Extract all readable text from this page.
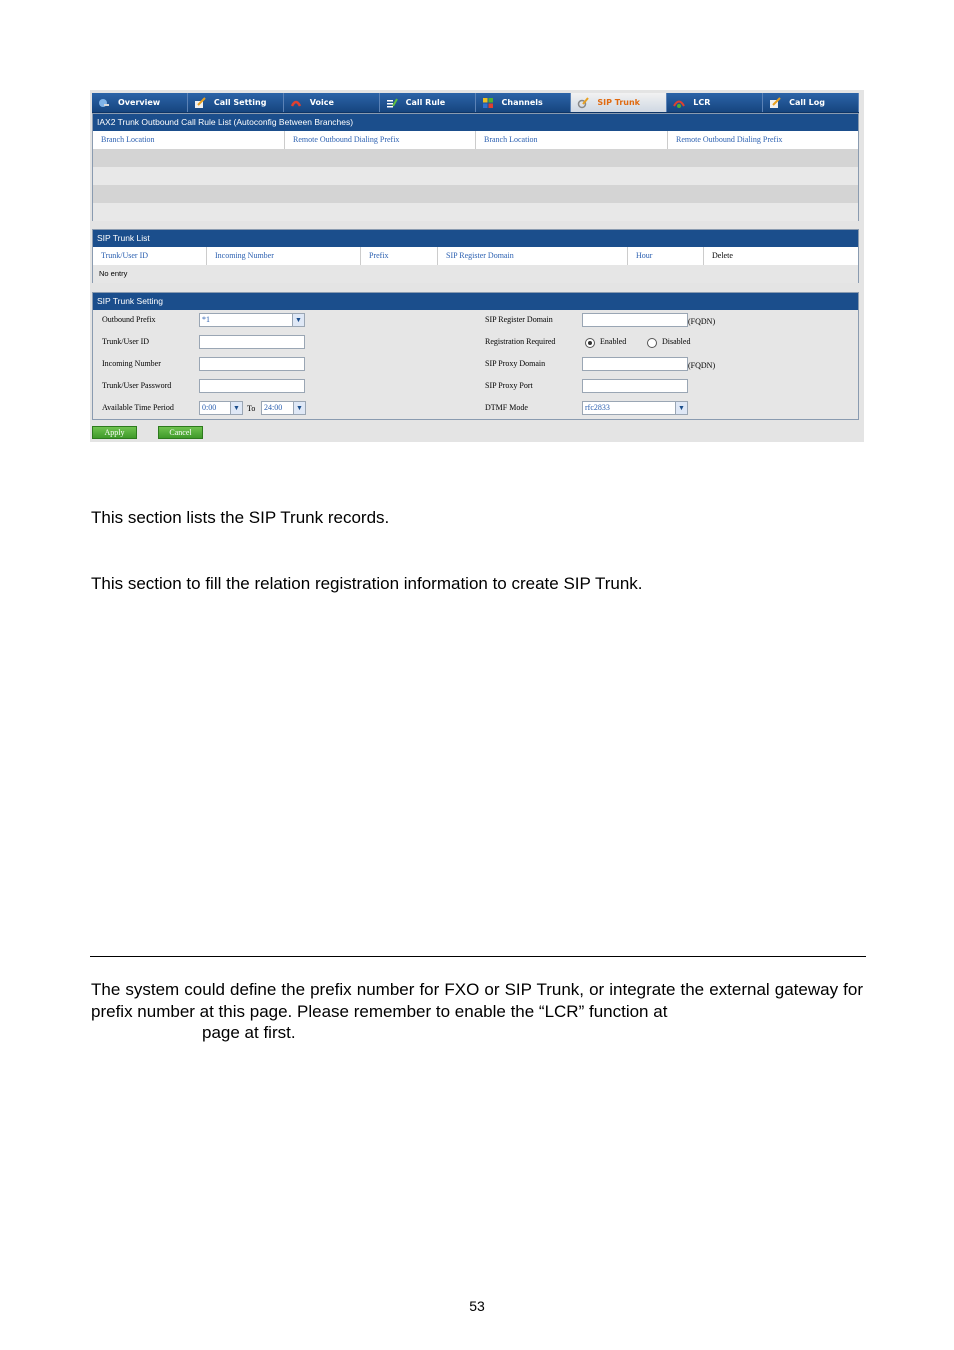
Overview	Call Setting	Voice	Call Rule	Channels	SIP Trunk	LCR	Call Log
IAX2 Trunk Outbound Call Rule List (Autoconfig Between Branches)
Branch Location	Remote Outbound Dialing Prefix	Branch Location	Remote Outbound Dialing Prefix
SIP Trunk List
Trunk/User ID	Incoming Number	Prefix	SIP Register Domain	Hour	Delete
No entry
SIP Trunk Setting
Outbound Prefix	*1	▼
Trunk/User ID
Incoming Number
Trunk/User Password
Available Time Period	0:00	▼ To	24:00	▼
SIP Register Domain	(FQDN)
Registration Required	Enabled	Disabled
SIP Proxy Domain	(FQDN)
SIP Proxy Port
DTMF Mode	rfc2833	▼
Apply	Cancel
This section lists the SIP Trunk records.
This section to fill the relation registration information to create SIP Trunk.
The system could define the prefix number for FXO or SIP Trunk, or integrate the external gateway for prefix number at this page. Please remember to enable the “LCR” function at
page at first.
53
